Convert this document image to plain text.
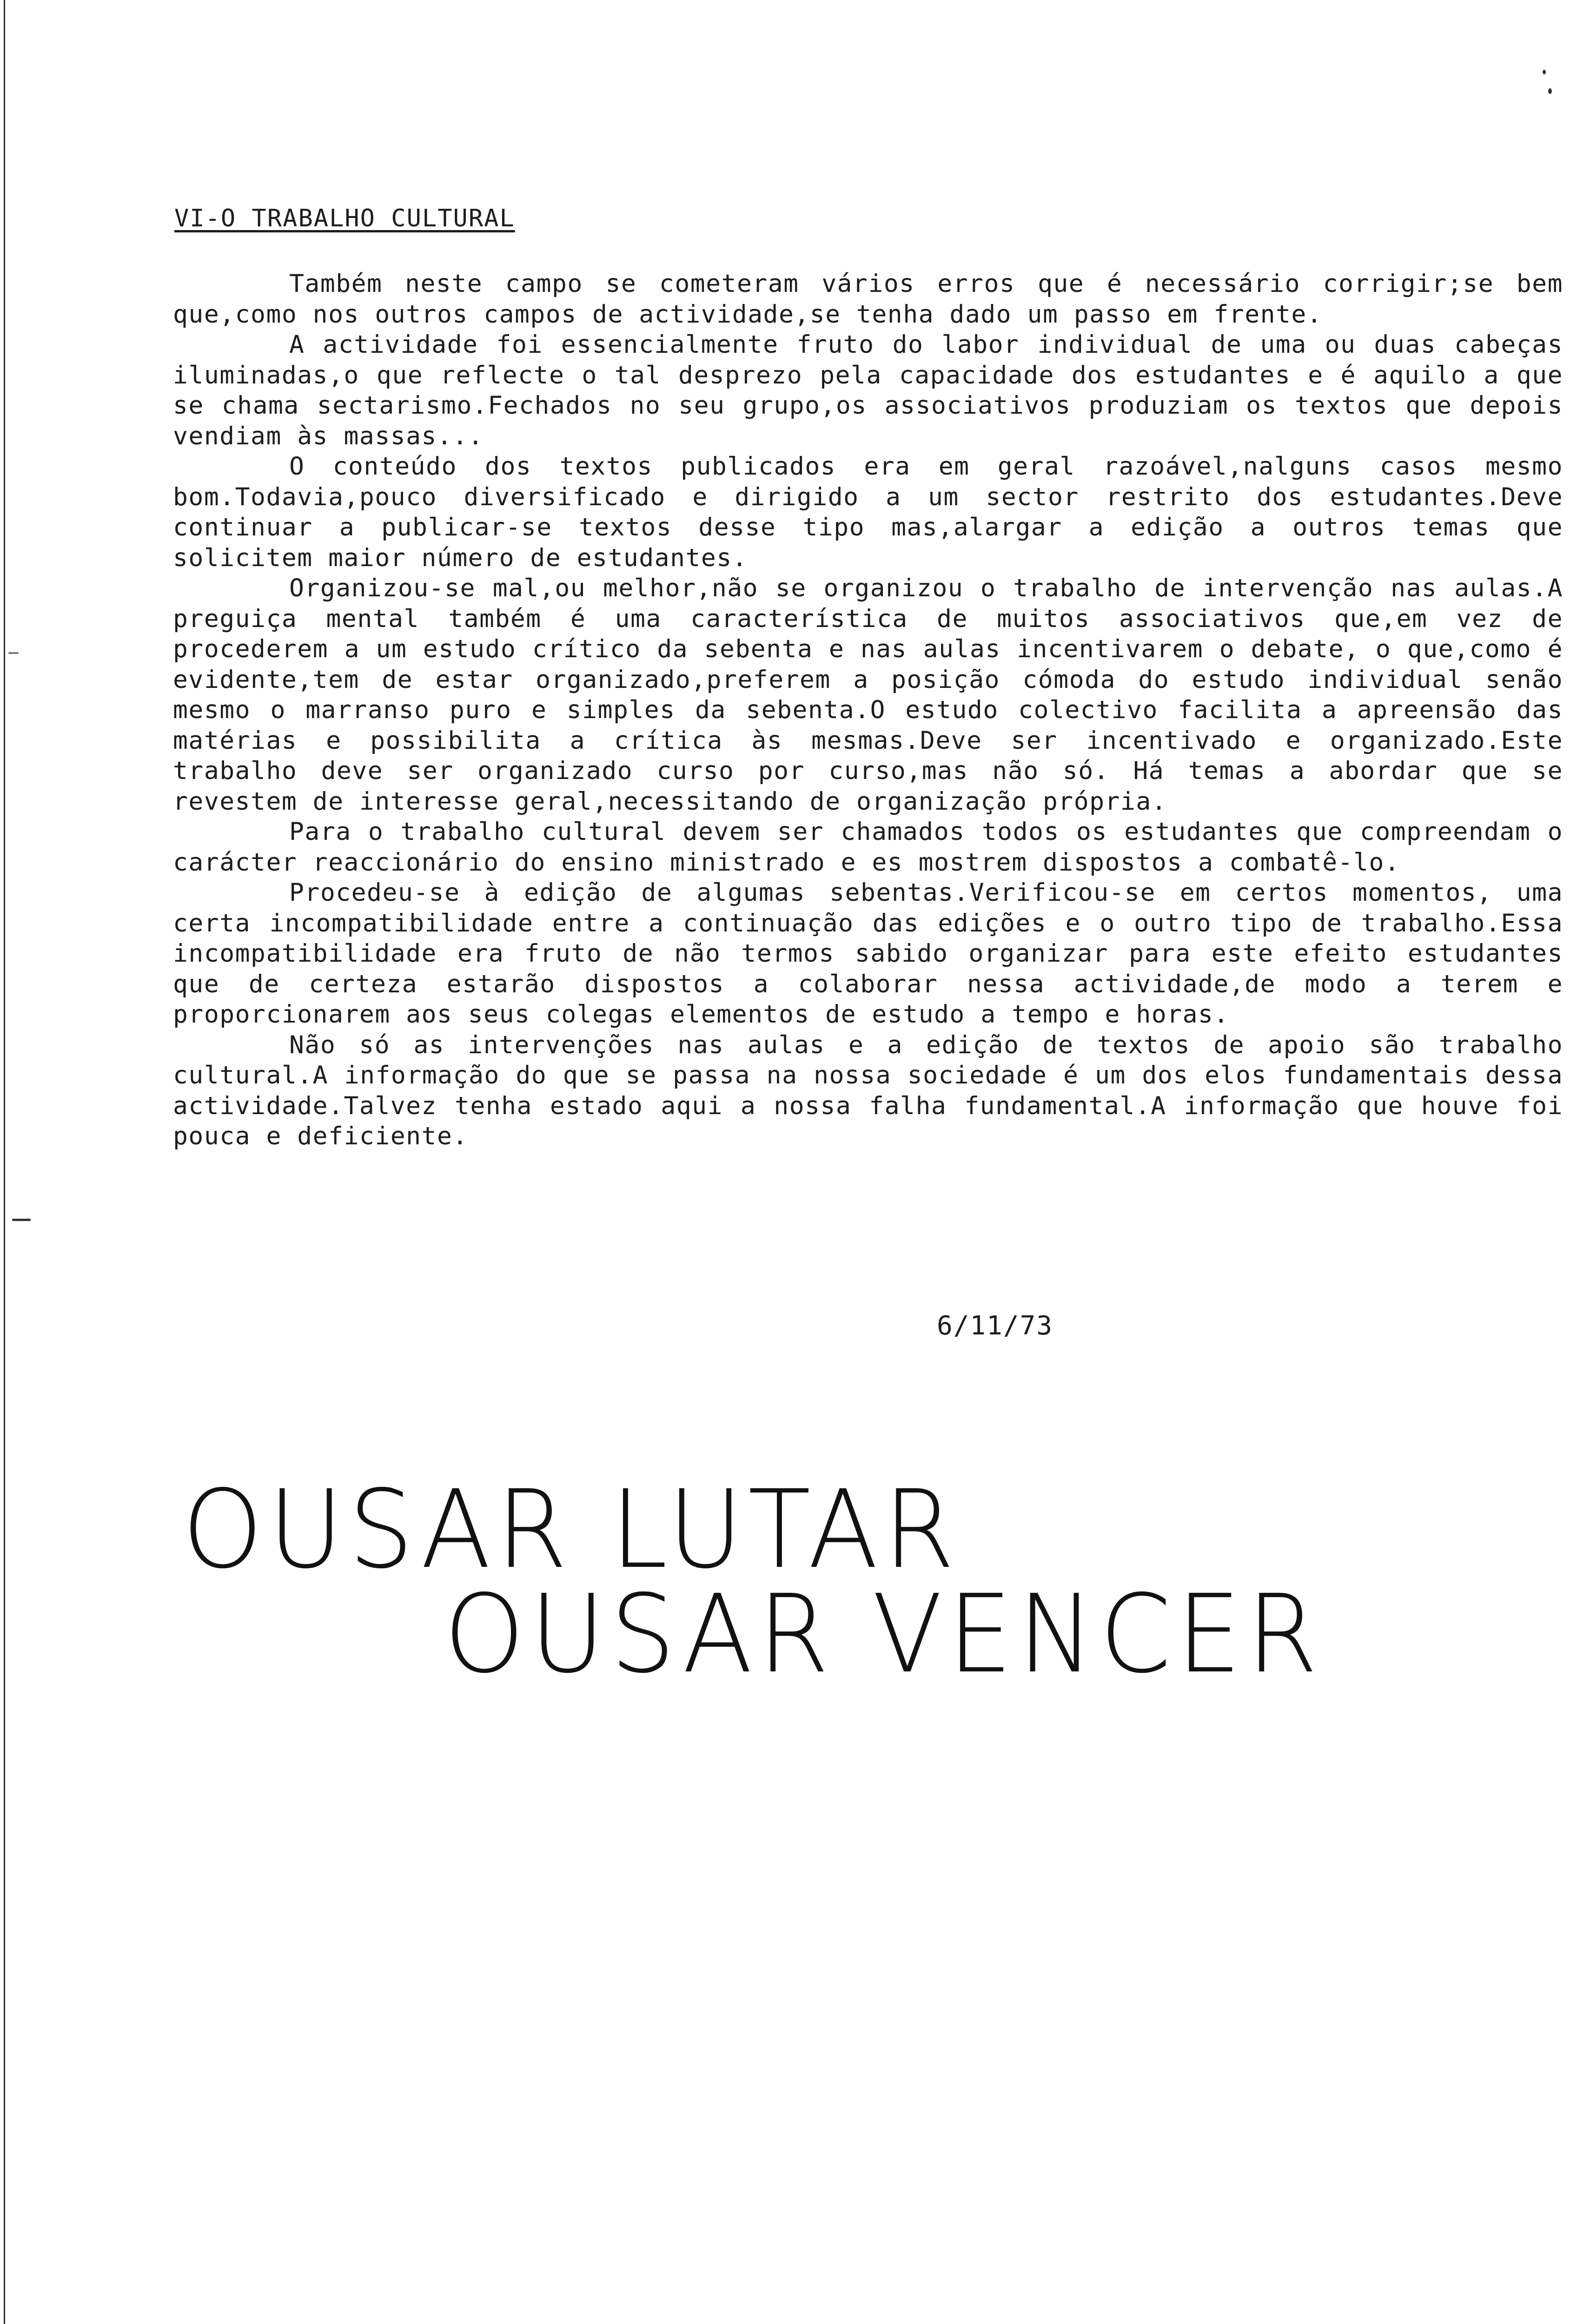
VI-O TRABALHO CULTURAL

Também neste campo se cometeram vários erros que é necessário corrigir;se bem que,como nos outros campos de actividade,se tenha dado um passo em frente.

A actividade foi essencialmente fruto do labor individual de uma ou duas cabeças iluminadas,o que reflecte o tal desprezo pela capacidade dos estudantes e é aquilo a que se chama sectarismo.Fechados no seu grupo,os associativos produziam os textos que depois vendiam às massas...

O conteúdo dos textos publicados era em geral razoável,nalguns casos mesmo bom.Todavia,pouco diversificado e dirigido a um sector restrito dos estudantes.Deve continuar a publicar-se textos desse tipo mas,alargar a edição a outros temas que solicitem maior número de estudantes.

Organizou-se mal,ou melhor,não se organizou o trabalho de intervenção nas aulas.A preguiça mental também é uma característica de muitos associativos que,em vez de procederem a um estudo crítico da sebenta e nas aulas incentivarem o debate, o que,como é evidente,tem de estar organizado,preferem a posição cómoda do estudo individual senão mesmo o marranso puro e simples da sebenta.O estudo colectivo facilita a apreensão das matérias e possibilita a crítica às mesmas.Deve ser incentivado e organizado.Este trabalho deve ser organizado curso por curso,mas não só. Há temas a abordar que se revestem de interesse geral,necessitando de organização própria.

Para o trabalho cultural devem ser chamados todos os estudantes que compreendam o carácter reaccionário do ensino ministrado e es mostrem dispostos a combatê-lo.

Procedeu-se à edição de algumas sebentas.Verificou-se em certos momentos, uma certa incompatibilidade entre a continuação das edições e o outro tipo de trabalho.Essa incompatibilidade era fruto de não termos sabido organizar para este efeito estudantes que de certeza estarão dispostos a colaborar nessa actividade,de modo a terem e proporcionarem aos seus colegas elementos de estudo a tempo e horas.

Não só as intervenções nas aulas e a edição de textos de apoio são trabalho cultural.A informação do que se passa na nossa sociedade é um dos elos fundamentais dessa actividade.Talvez tenha estado aqui a nossa falha fundamental.A informação que houve foi pouca e deficiente.

6/11/73
OUSAR LUTAR
OUSAR VENCER
